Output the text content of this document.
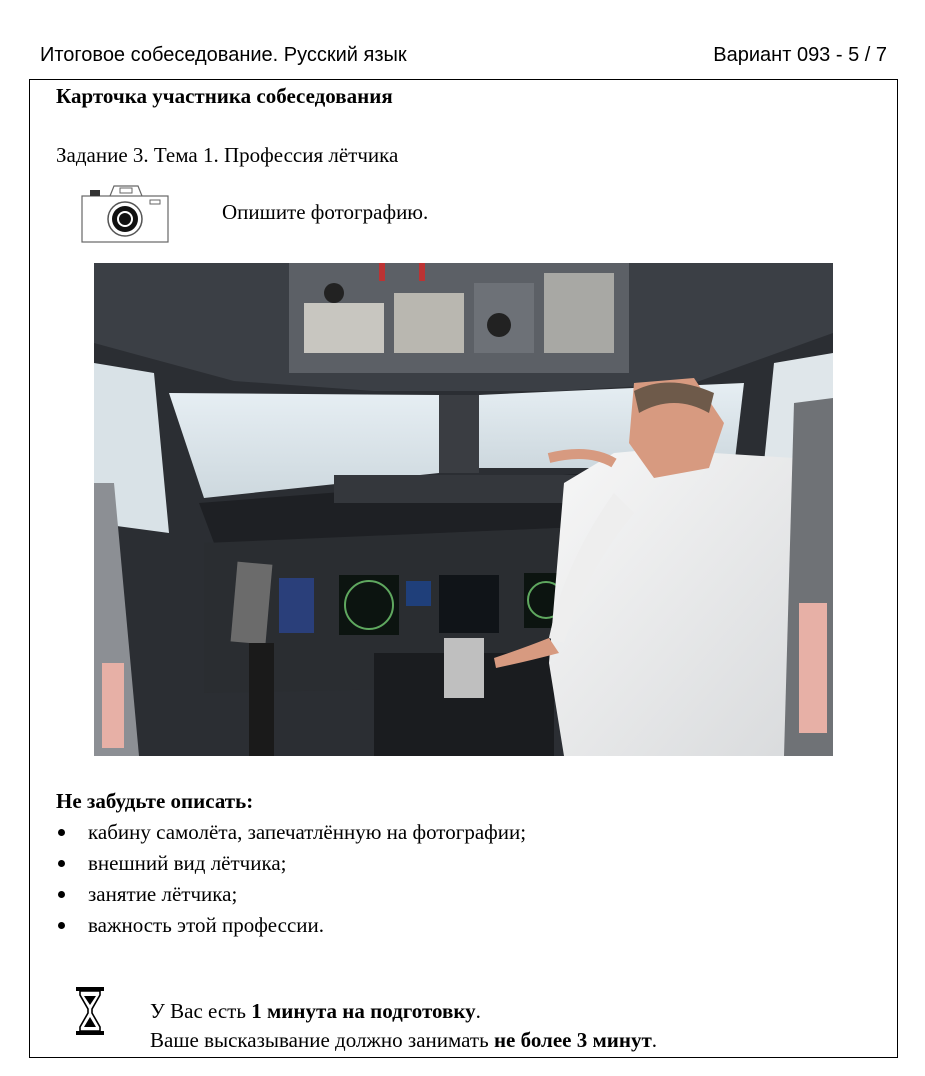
Итоговое собеседование. Русский язык	Вариант 093 - 5 / 7
Карточка участника собеседования
Задание 3. Тема 1. Профессия лётчика
Опишите фотографию.
Не забудьте описать:
кабину самолёта, запечатлённую на фотографии;
внешний вид лётчика;
занятие лётчика;
важность этой профессии.
У Вас есть 1 минута на подготовку.
Ваше высказывание должно занимать не более 3 минут.
